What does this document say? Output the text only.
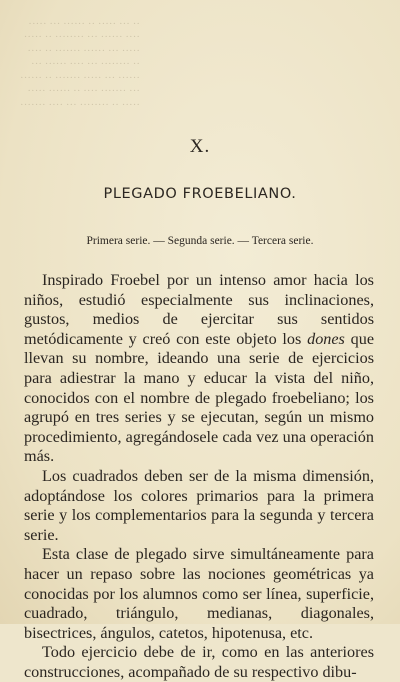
·· ··· ····· ·· ······ ··· ·····
···· ······ ··· ········ ·· ·····
····· ··· ······ ······· ·· ····
·· ········ ··· ···· ······ ···
······ ··· ····· ······· ·· ······
··· ······· ···· ·· ······ ·····
····· ·· ········ ··· ···· ·······

X.
PLEGADO FROEBELIANO.
Primera serie. — Segunda serie. — Tercera serie.

Inspirado Froebel por un intenso amor hacia los niños, estudió especialmente sus inclinaciones, gustos, medios de ejercitar sus sentidos metódicamente y creó con este objeto los dones que llevan su nombre, ideando una serie de ejercicios para adiestrar la mano y educar la vista del niño, conocidos con el nombre de plegado froebeliano; los agrupó en tres series y se ejecutan, según un mismo procedimiento, agregándosele cada vez una operación más.

Los cuadrados deben ser de la misma dimensión, adoptándose los colores primarios para la primera serie y los complementarios para la segunda y tercera serie.

Esta clase de plegado sirve simultáneamente para hacer un repaso sobre las nociones geométricas ya conocidas por los alumnos como ser línea, superficie, cuadrado, triángulo, medianas, diagonales, bisectrices, ángulos, catetos, hipotenusa, etc.

Todo ejercicio debe de ir, como en las anteriores construcciones, acompañado de su respectivo dibu-
